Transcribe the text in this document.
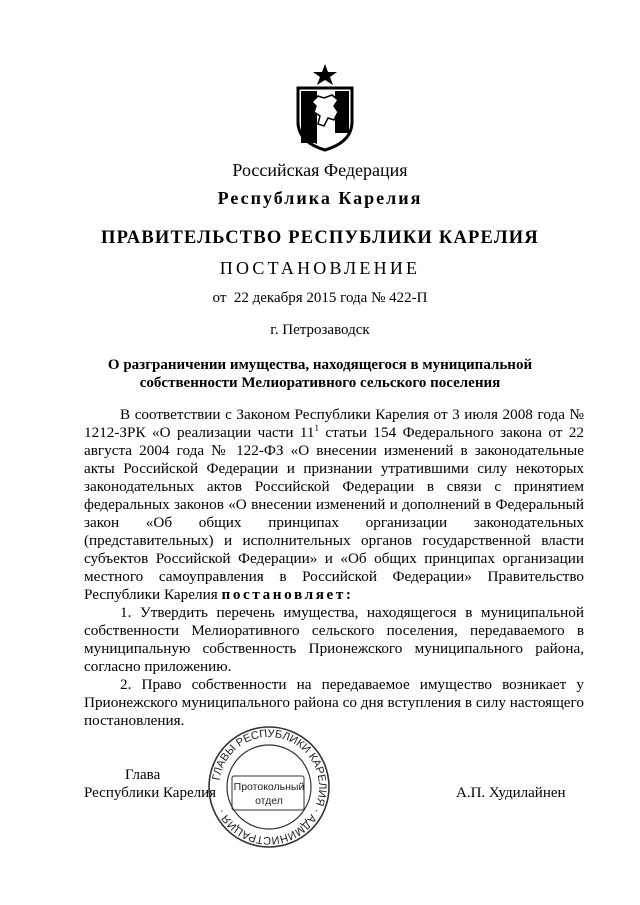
Российская Федерация
Республика Карелия
ПРАВИТЕЛЬСТВО РЕСПУБЛИКИ КАРЕЛИЯ
ПОСТАНОВЛЕНИЕ
от  22 декабря 2015 года № 422-П
г. Петрозаводск
О разграничении имущества, находящегося в муниципальной
собственности Мелиоративного сельского поселения

В соответствии с Законом Республики Карелия от 3 июля 2008 года № 1212-ЗРК «О реализации части $11^1$ статьи 154 Федерального закона от 22 августа 2004 года № 122-ФЗ «О внесении изменений в законодательные акты Российской Федерации и признании утратившими силу некоторых законодательных актов Российской Федерации в связи с принятием федеральных законов «О внесении изменений и дополнений в Федеральный закон «Об общих принципах организации законодательных (представительных) и исполнительных органов государственной власти субъектов Российской Федерации» и «Об общих принципах организации местного самоуправления в Российской Федерации» Правительство Республики Карелия постановляет:

1. Утвердить перечень имущества, находящегося в муниципальной собственности Мелиоративного сельского поселения, передаваемого в муниципальную собственность Прионежского муниципального района, согласно приложению.

2. Право собственности на передаваемое имущество возникает у Прионежского муниципального района со дня вступления в силу настоящего постановления.

Глава
Республики Карелия	А.П. Худилайнен
ГЛАВЫ РЕСПУБЛИКИ КАРЕЛИЯ · АДМИНИСТРАЦИЯ ·
Протокольный
отдел
